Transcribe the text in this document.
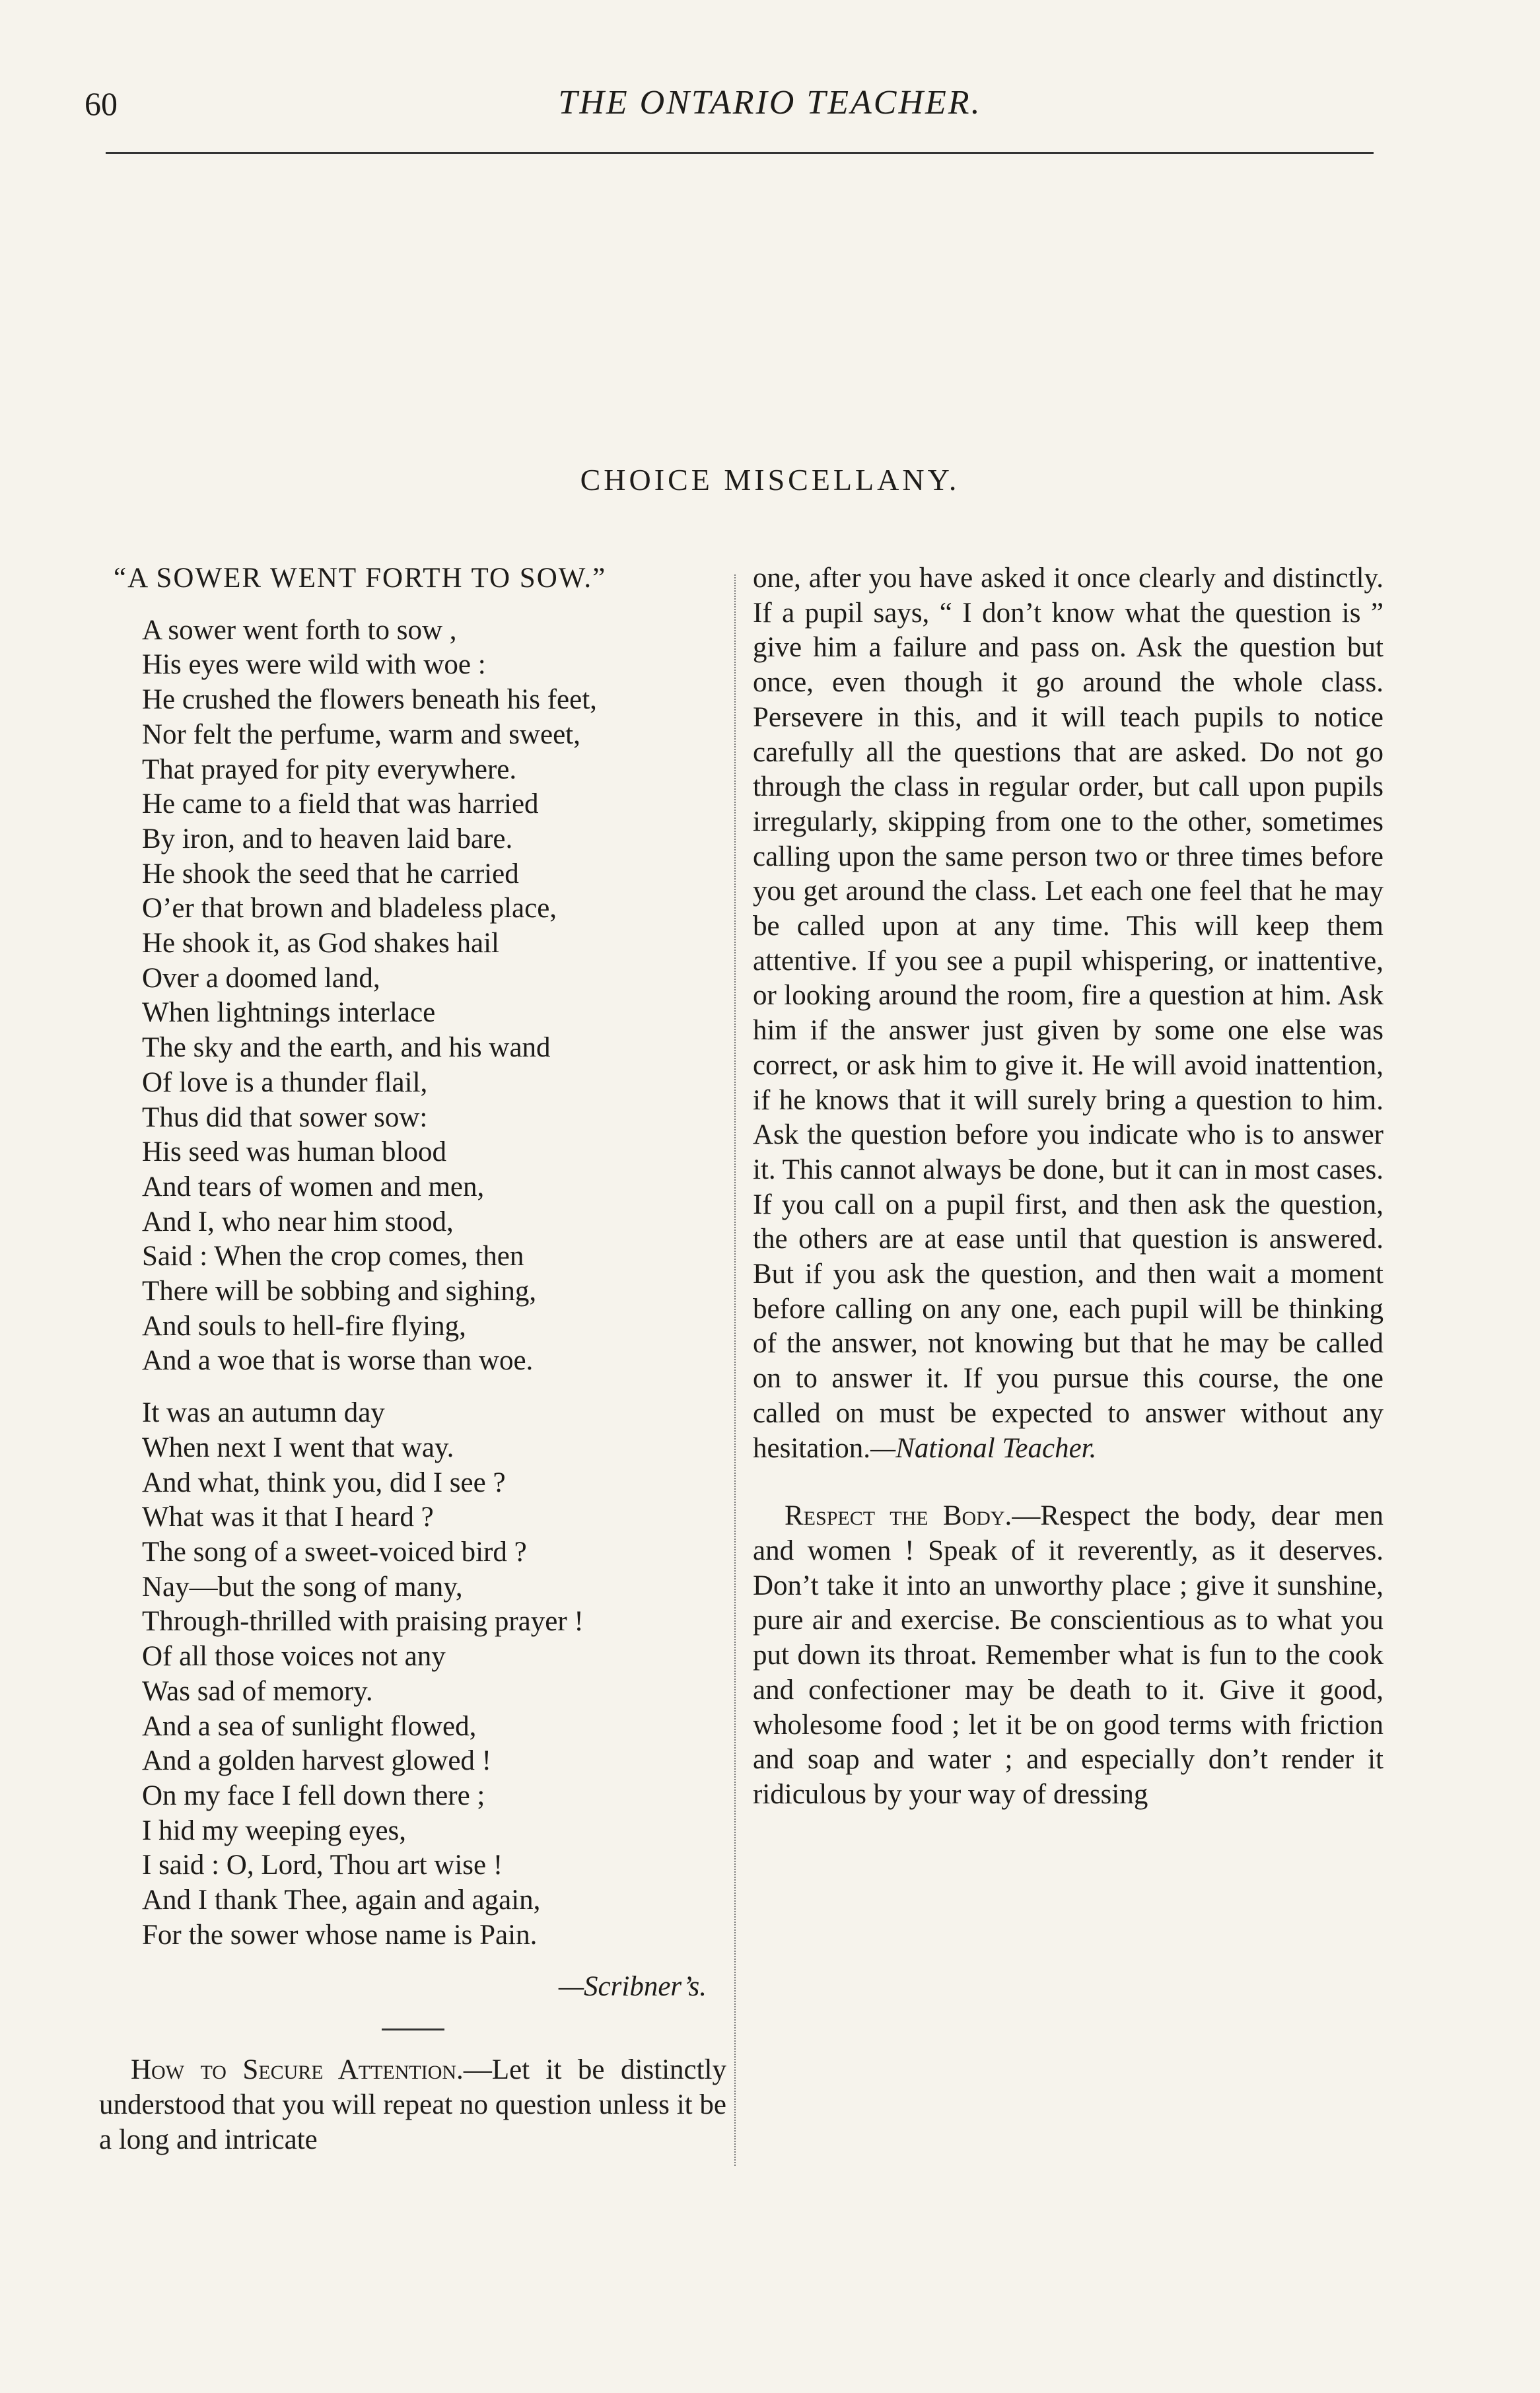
60	THE ONTARIO TEACHER.
CHOICE MISCELLANY.
“A SOWER WENT FORTH TO SOW.”
A sower went forth to sow ,
His eyes were wild with woe :
He crushed the flowers beneath his feet,
Nor felt the perfume, warm and sweet,
That prayed for pity everywhere.
He came to a field that was harried
By iron, and to heaven laid bare.
He shook the seed that he carried
O’er that brown and bladeless place,
He shook it, as God shakes hail
Over a doomed land,
When lightnings interlace
The sky and the earth, and his wand
Of love is a thunder flail,
Thus did that sower sow:
His seed was human blood
And tears of women and men,
And I, who near him stood,
Said : When the crop comes, then
There will be sobbing and sighing,
And souls to hell-fire flying,
And a woe that is worse than woe.
It was an autumn day
When next I went that way.
And what, think you, did I see ?
What was it that I heard ?
The song of a sweet-voiced bird ?
Nay—but the song of many,
Through-thrilled with praising prayer !
Of all those voices not any
Was sad of memory.
And a sea of sunlight flowed,
And a golden harvest glowed !
On my face I fell down there ;
I hid my weeping eyes,
I said : O, Lord, Thou art wise !
And I thank Thee, again and again,
For the sower whose name is Pain.
—Scribner’s.

How to Secure Attention.—Let it be distinctly understood that you will repeat no question unless it be a long and intricate

one, after you have asked it once clearly and distinctly. If a pupil says, “ I don’t know what the question is ” give him a failure and pass on. Ask the question but once, even though it go around the whole class. Persevere in this, and it will teach pupils to notice carefully all the questions that are asked. Do not go through the class in regular order, but call upon pupils irregularly, skipping from one to the other, sometimes calling upon the same person two or three times before you get around the class. Let each one feel that he may be called upon at any time. This will keep them attentive. If you see a pupil whispering, or inattentive, or looking around the room, fire a question at him. Ask him if the answer just given by some one else was correct, or ask him to give it. He will avoid inattention, if he knows that it will surely bring a question to him. Ask the question before you indicate who is to answer it. This cannot always be done, but it can in most cases. If you call on a pupil first, and then ask the question, the others are at ease until that question is answered. But if you ask the question, and then wait a moment before calling on any one, each pupil will be thinking of the answer, not knowing but that he may be called on to answer it. If you pursue this course, the one called on must be expected to answer without any hesitation.—National Teacher.

Respect the Body.—Respect the body, dear men and women ! Speak of it reverently, as it deserves. Don’t take it into an unworthy place ; give it sunshine, pure air and exercise. Be conscientious as to what you put down its throat. Remember what is fun to the cook and confectioner may be death to it. Give it good, wholesome food ; let it be on good terms with friction and soap and water ; and especially don’t render it ridiculous by your way of dressing
